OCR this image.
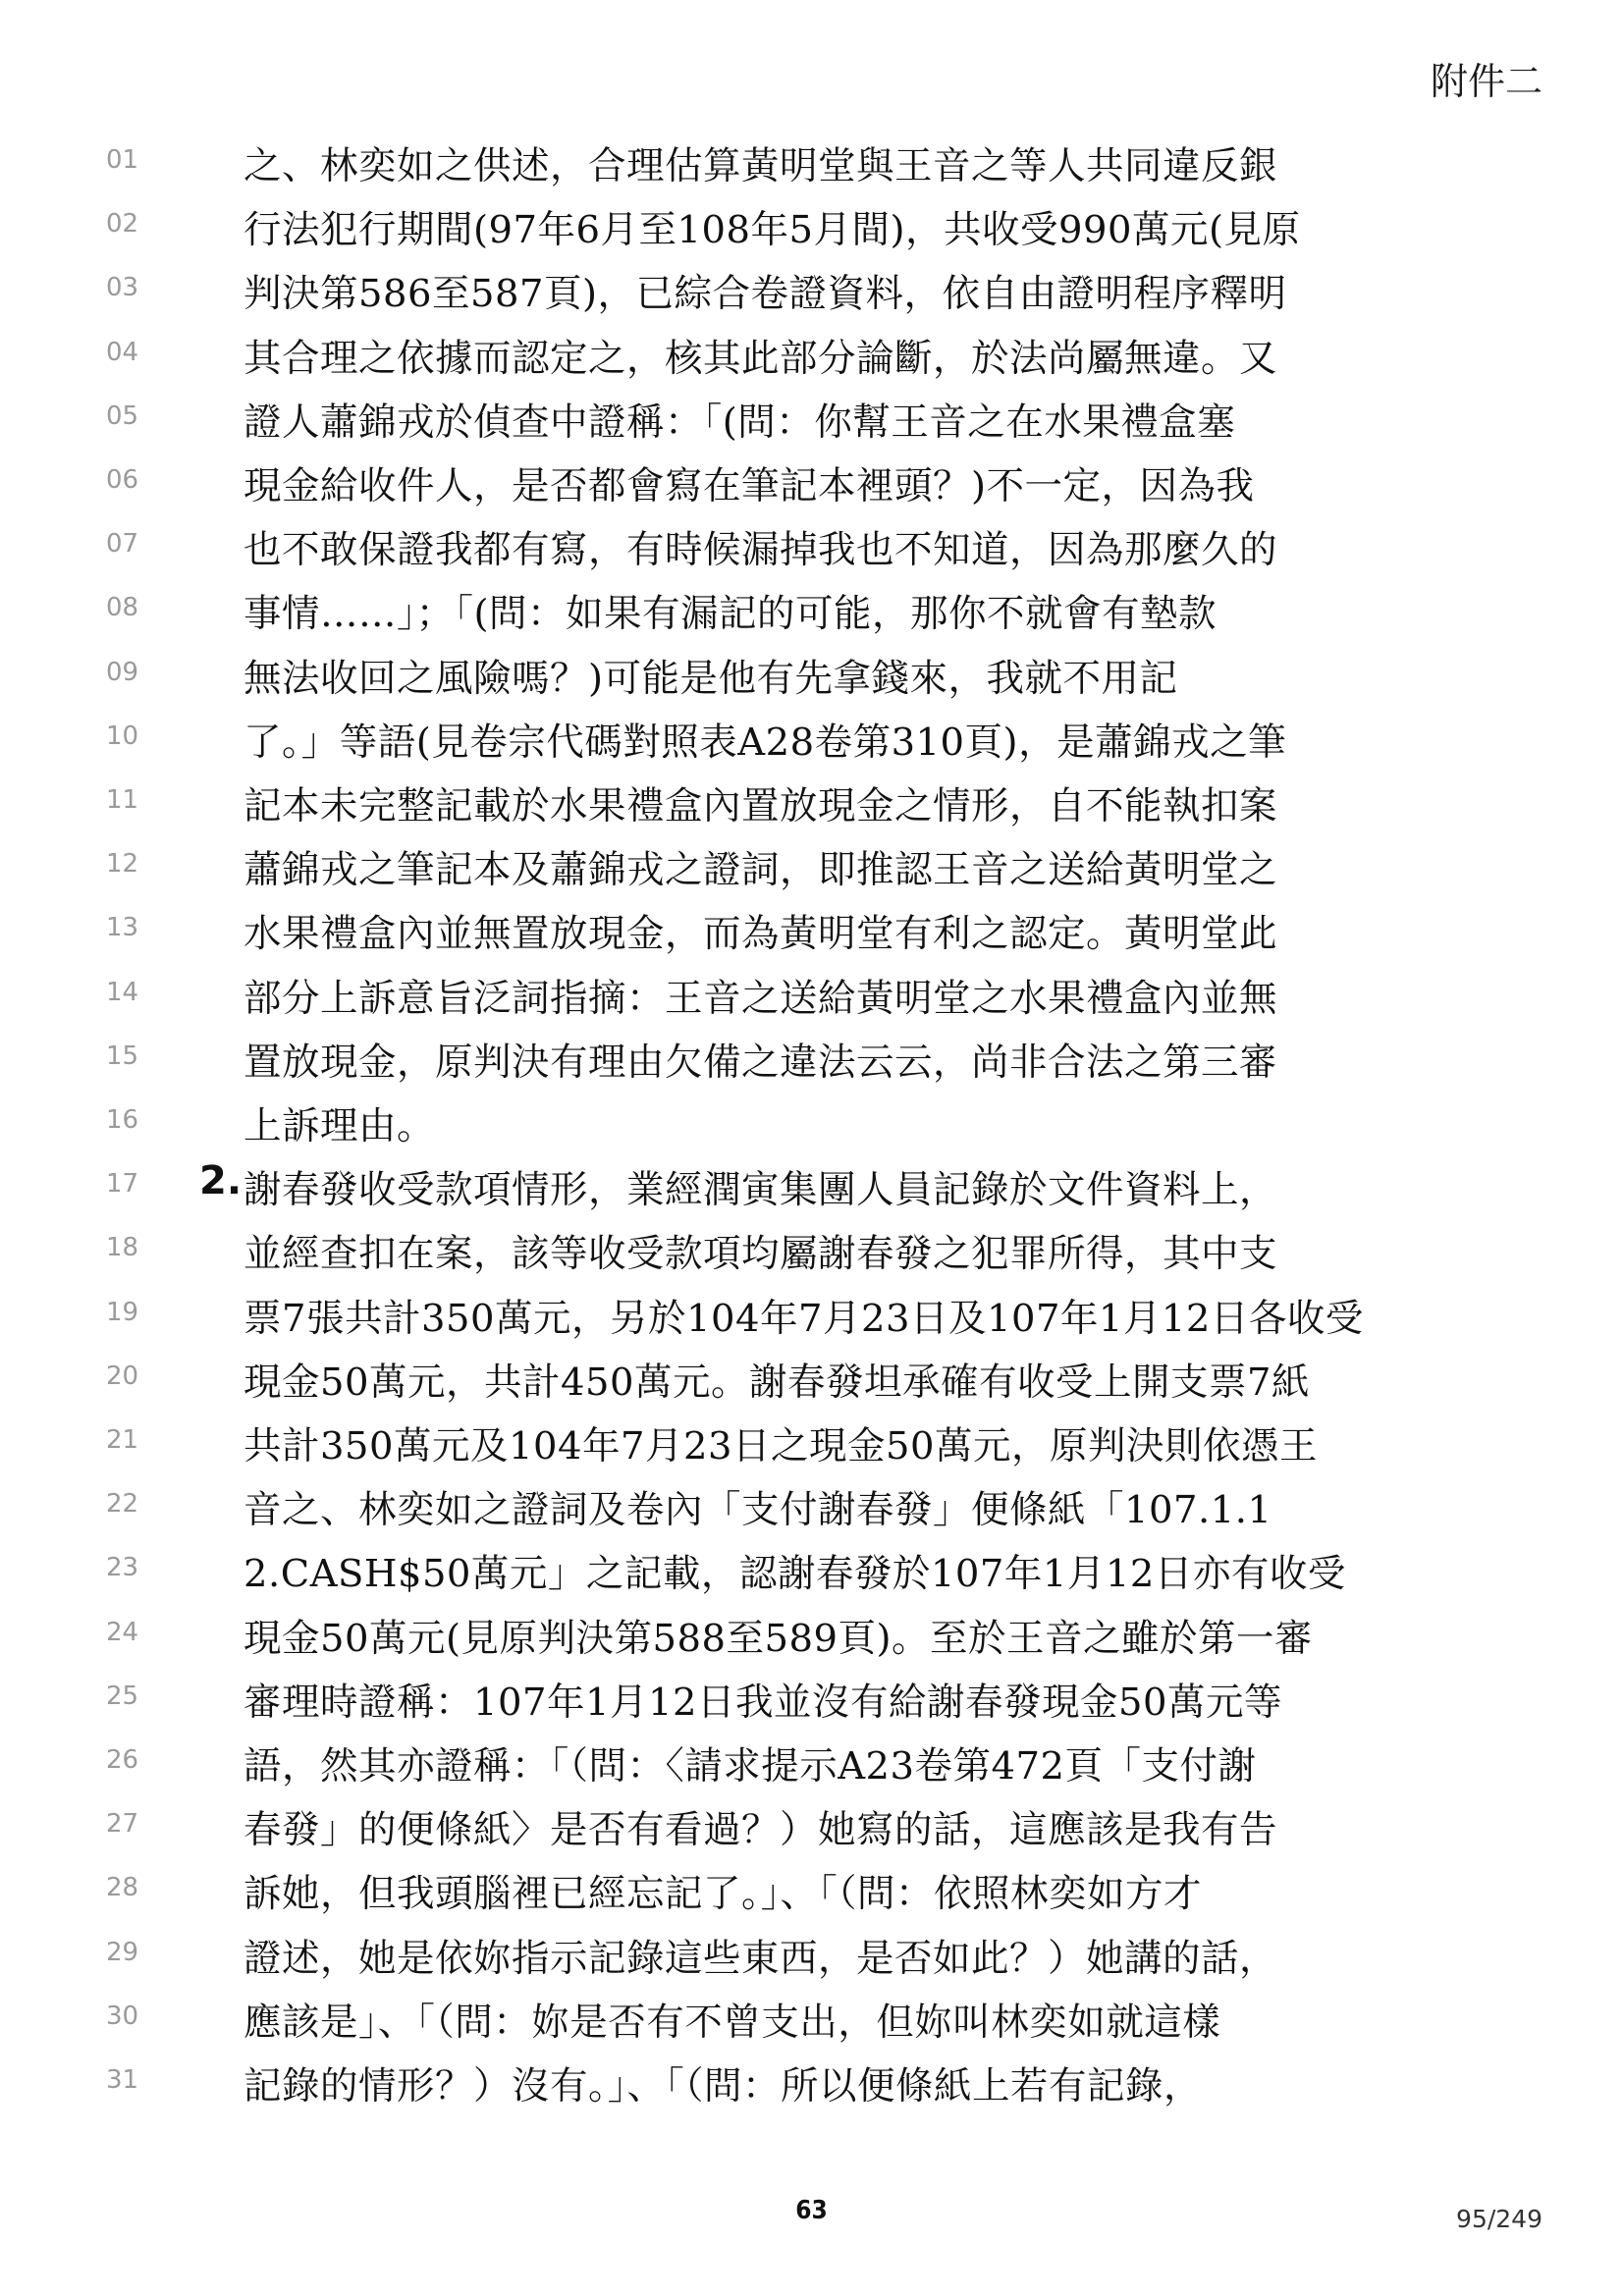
附件二
01	之、林奕如之供述，合理估算黃明堂與王音之等人共同違反銀
02	行法犯行期間(97年6月至108年5月間)，共收受990萬元(見原
03	判決第586至587頁)，已綜合卷證資料，依自由證明程序釋明
04	其合理之依據而認定之，核其此部分論斷，於法尚屬無違。又
05	證人蕭錦戎於偵查中證稱：「(問：你幫王音之在水果禮盒塞
06	現金給收件人，是否都會寫在筆記本裡頭？)不一定，因為我
07	也不敢保證我都有寫，有時候漏掉我也不知道，因為那麼久的
08	事情……」；「(問：如果有漏記的可能，那你不就會有墊款
09	無法收回之風險嗎？)可能是他有先拿錢來，我就不用記
10	了。」等語(見卷宗代碼對照表A28卷第310頁)，是蕭錦戎之筆
11	記本未完整記載於水果禮盒內置放現金之情形，自不能執扣案
12	蕭錦戎之筆記本及蕭錦戎之證詞，即推認王音之送給黃明堂之
13	水果禮盒內並無置放現金，而為黃明堂有利之認定。黃明堂此
14	部分上訴意旨泛詞指摘：王音之送給黃明堂之水果禮盒內並無
15	置放現金，原判決有理由欠備之違法云云，尚非合法之第三審
16	上訴理由。
17	謝春發收受款項情形，業經潤寅集團人員記錄於文件資料上，
18	並經查扣在案，該等收受款項均屬謝春發之犯罪所得，其中支
19	票7張共計350萬元，另於104年7月23日及107年1月12日各收受
20	現金50萬元，共計450萬元。謝春發坦承確有收受上開支票7紙
21	共計350萬元及104年7月23日之現金50萬元，原判決則依憑王
22	音之、林奕如之證詞及卷內「支付謝春發」便條紙「107.1.1
23	2.CASH$50萬元」之記載，認謝春發於107年1月12日亦有收受
24	現金50萬元(見原判決第588至589頁)。至於王音之雖於第一審
25	審理時證稱：107年1月12日我並沒有給謝春發現金50萬元等
26	語，然其亦證稱：「（問：〈請求提示A23卷第472頁「支付謝
27	春發」的便條紙〉是否有看過？）她寫的話，這應該是我有告
28	訴她，但我頭腦裡已經忘記了。」、「（問：依照林奕如方才
29	證述，她是依妳指示記錄這些東西，是否如此？）她講的話，
30	應該是」、「（問：妳是否有不曾支出，但妳叫林奕如就這樣
31	記錄的情形？）沒有。」、「（問：所以便條紙上若有記錄，
2.
63	95/249
